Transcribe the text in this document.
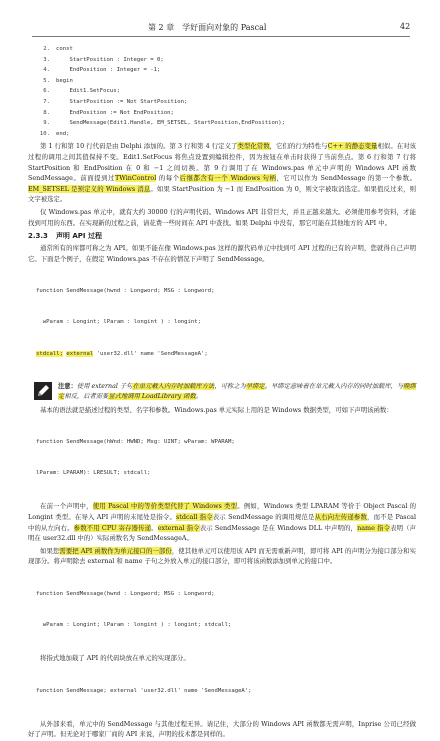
第 2 章　学好面向对象的 Pascal	42
2. const
3.    StartPosition : Integer = 0;
4.    EndPosition : Integer = -1;
5. begin
6.    Edit1.SetFocus;
7.    StartPosition := Not StartPosition;
8.    EndPosition := Not EndPosition;
9.    SendMessage(Edit1.Handle, EM_SETSEL, StartPosition,EndPosition);
10. end;

第 1 行和第 10 行代码是由 Delphi 添加的。第 3 行和第 4 行定义了类型化常数，它们的行为特性与C++ 的静态变量相似。在对该过程的调用之间其值保持不变。Edit1.SetFocus 将焦点设置到编辑控件，因为按钮在单击时获得了当前焦点。第 6 行和第 7 行将 StartPosition 和 EndPosition 在 0 和 −1 之间切换。第 9 行调用了在 Windows.pas 单元中声明的 Windows API 函数 SendMessage。前面提到过TWinControl 的每个后继都含有一个 Windows 句柄，它可以作为 SendMessage 的第一个参数。EM_SETSEL 是预定义的 Windows 消息。如果 StartPosition 为 −1 而 EndPosition 为 0，则文字被取消选定。如果值反过来，则文字被选定。

仅 Windows.pas 单元中，就有大约 30000 行的声明代码。Windows API 非常巨大，并且正越来越大。必须使用参考资料，才能找到可用的东西。在实现新的过程之前，请花费一些时间在 API 中查找。如果 Delphi 中没有，那它可能在其他地方的 API 中。

2.3.3 声明 API 过程

通常所有的库都可称之为 API。如果不能在像 Windows.pas 这样的源代码单元中找到可 API 过程的已有的声明，您就得自己声明它。下面是个例子，在假定 Windows.pas 不存在的情况下声明了 SendMessage。

function SendMessage(hwnd : Longword; MSG : Longword;

wParam : Longint; lParam : longint ) : longint;

stdcall; external 'user32.dll' name 'SendMessageA';

注意：使用 external 子句在单元載入内存时加载库方法，可称之为早绑定。早绑定意味着在单元載入内存的同时加载库，与晚绑定相反，后者需要显式地调用 LoadLibrary 函数。

基本的语法就是描述过程的类型、名字和参数。Windows.pas 单元实际上用的是 Windows 数据类型，可如下声明该函数：

function SendMessage(hWnd: HWND; Msg: UINT; wParam: WPARAM;

lParam: LPARAM): LRESULT; stdcall;

在前一个声明中，使用 Pascal 中的等价类型代替了 Windows 类型。例如，Windows 类型 LPARAM 等价于 Object Pascal 的 Longint 类型。在导入 API 声明的末尾处是指令。stdcall 指令表示 SendMessage 的调用规范是从右向左传递参数，而不是 Pascal 中的从左向右。参数不用 CPU 寄存器传递。external 指令表示 SendMessage 是在 Windows DLL 中声明的，name 指令表明（声明在 user32.dll 中的）实际函数名为 SendMessageA。

如果您需要把 API 函数作为单元接口的一部份，使其他单元可以使用该 API 而无需重新声明，即可将 API 的声明分为接口部分和实现部分。将声明除去 external 和 name 子句之外放入单元的接口部分，即可将该函数添加到单元的接口中。

function SendMessage(hwnd : Longword; MSG : Longword;

wParam : Longint; lParam : longint ) : longint; stdcall;

将指式地加载了 API 的代码块放在单元的实现部分。

function SendMessage; external 'user32.dll' name 'SendMessageA';

从外部来看，单元中的 SendMessage 与其他过程无异。请记住，大部分的 Windows API 函数都无需声明，Inprise 公司已经做好了声明。但无论对于哪家厂商的 API 来说，声明的技术都是同样的。
